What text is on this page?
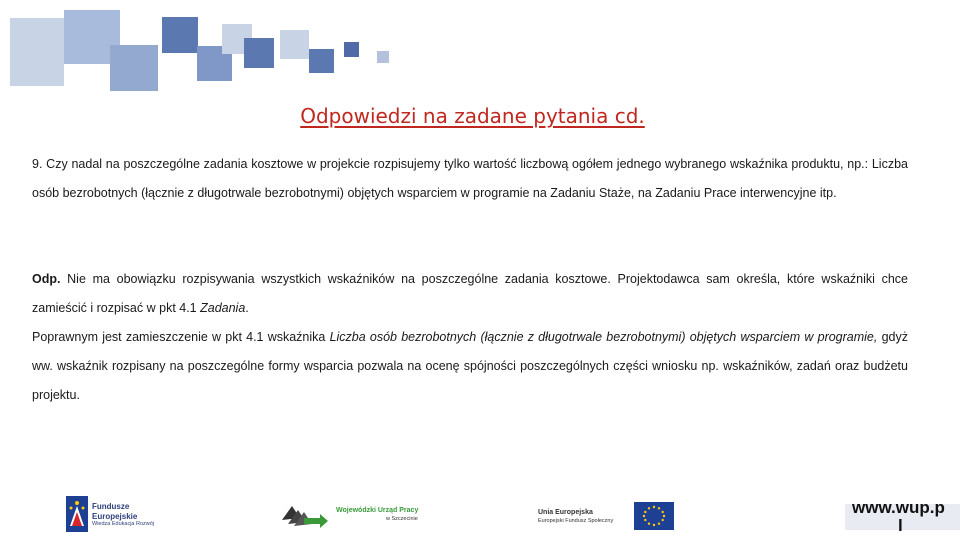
Odpowiedzi na zadane pytania cd.

9. Czy nadal na poszczególne zadania kosztowe w projekcie rozpisujemy tylko wartość liczbową ogółem jednego wybranego wskaźnika produktu, np.: Liczba osób bezrobotnych (łącznie z długotrwale bezrobotnymi) objętych wsparciem w programie na Zadaniu Staże, na Zadaniu Prace interwencyjne itp.

Odp. Nie ma obowiązku rozpisywania wszystkich wskaźników na poszczególne zadania kosztowe. Projektodawca sam określa, które wskaźniki chce zamieścić i rozpisać w pkt 4.1 Zadania.

Poprawnym jest zamieszczenie w pkt 4.1 wskaźnika Liczba osób bezrobotnych (łącznie z długotrwale bezrobotnymi) objętych wsparciem w programie, gdyż ww. wskaźnik rozpisany na poszczególne formy wsparcia pozwala na ocenę spójności poszczególnych części wniosku np. wskaźników, zadań oraz budżetu projektu.

Fundusze
Europejskie
Wiedza Edukacja Rozwój
Wojewódzki Urząd Pracy
w Szczecinie
Unia Europejska
Europejski Fundusz Społeczny
www.wup.p
l
